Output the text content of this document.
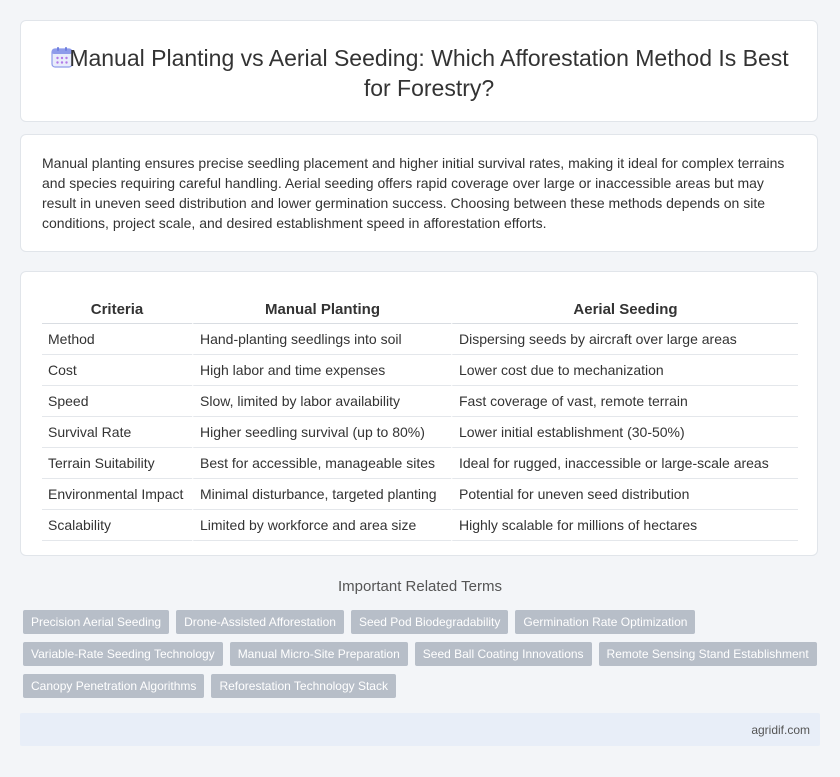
Manual Planting vs Aerial Seeding: Which Afforestation Method Is Best for Forestry?
Manual planting ensures precise seedling placement and higher initial survival rates, making it ideal for complex terrains and species requiring careful handling. Aerial seeding offers rapid coverage over large or inaccessible areas but may result in uneven seed distribution and lower germination success. Choosing between these methods depends on site conditions, project scale, and desired establishment speed in afforestation efforts.
Criteria	Manual Planting	Aerial Seeding
Method	Hand-planting seedlings into soil	Dispersing seeds by aircraft over large areas
Cost	High labor and time expenses	Lower cost due to mechanization
Speed	Slow, limited by labor availability	Fast coverage of vast, remote terrain
Survival Rate	Higher seedling survival (up to 80%)	Lower initial establishment (30-50%)
Terrain Suitability	Best for accessible, manageable sites	Ideal for rugged, inaccessible or large-scale areas
Environmental Impact	Minimal disturbance, targeted planting	Potential for uneven seed distribution
Scalability	Limited by workforce and area size	Highly scalable for millions of hectares
Important Related Terms
Precision Aerial Seeding	Drone-Assisted Afforestation	Seed Pod Biodegradability	Germination Rate Optimization
Variable-Rate Seeding Technology	Manual Micro-Site Preparation	Seed Ball Coating Innovations	Remote Sensing Stand Establishment
Canopy Penetration Algorithms	Reforestation Technology Stack
agridif.com
